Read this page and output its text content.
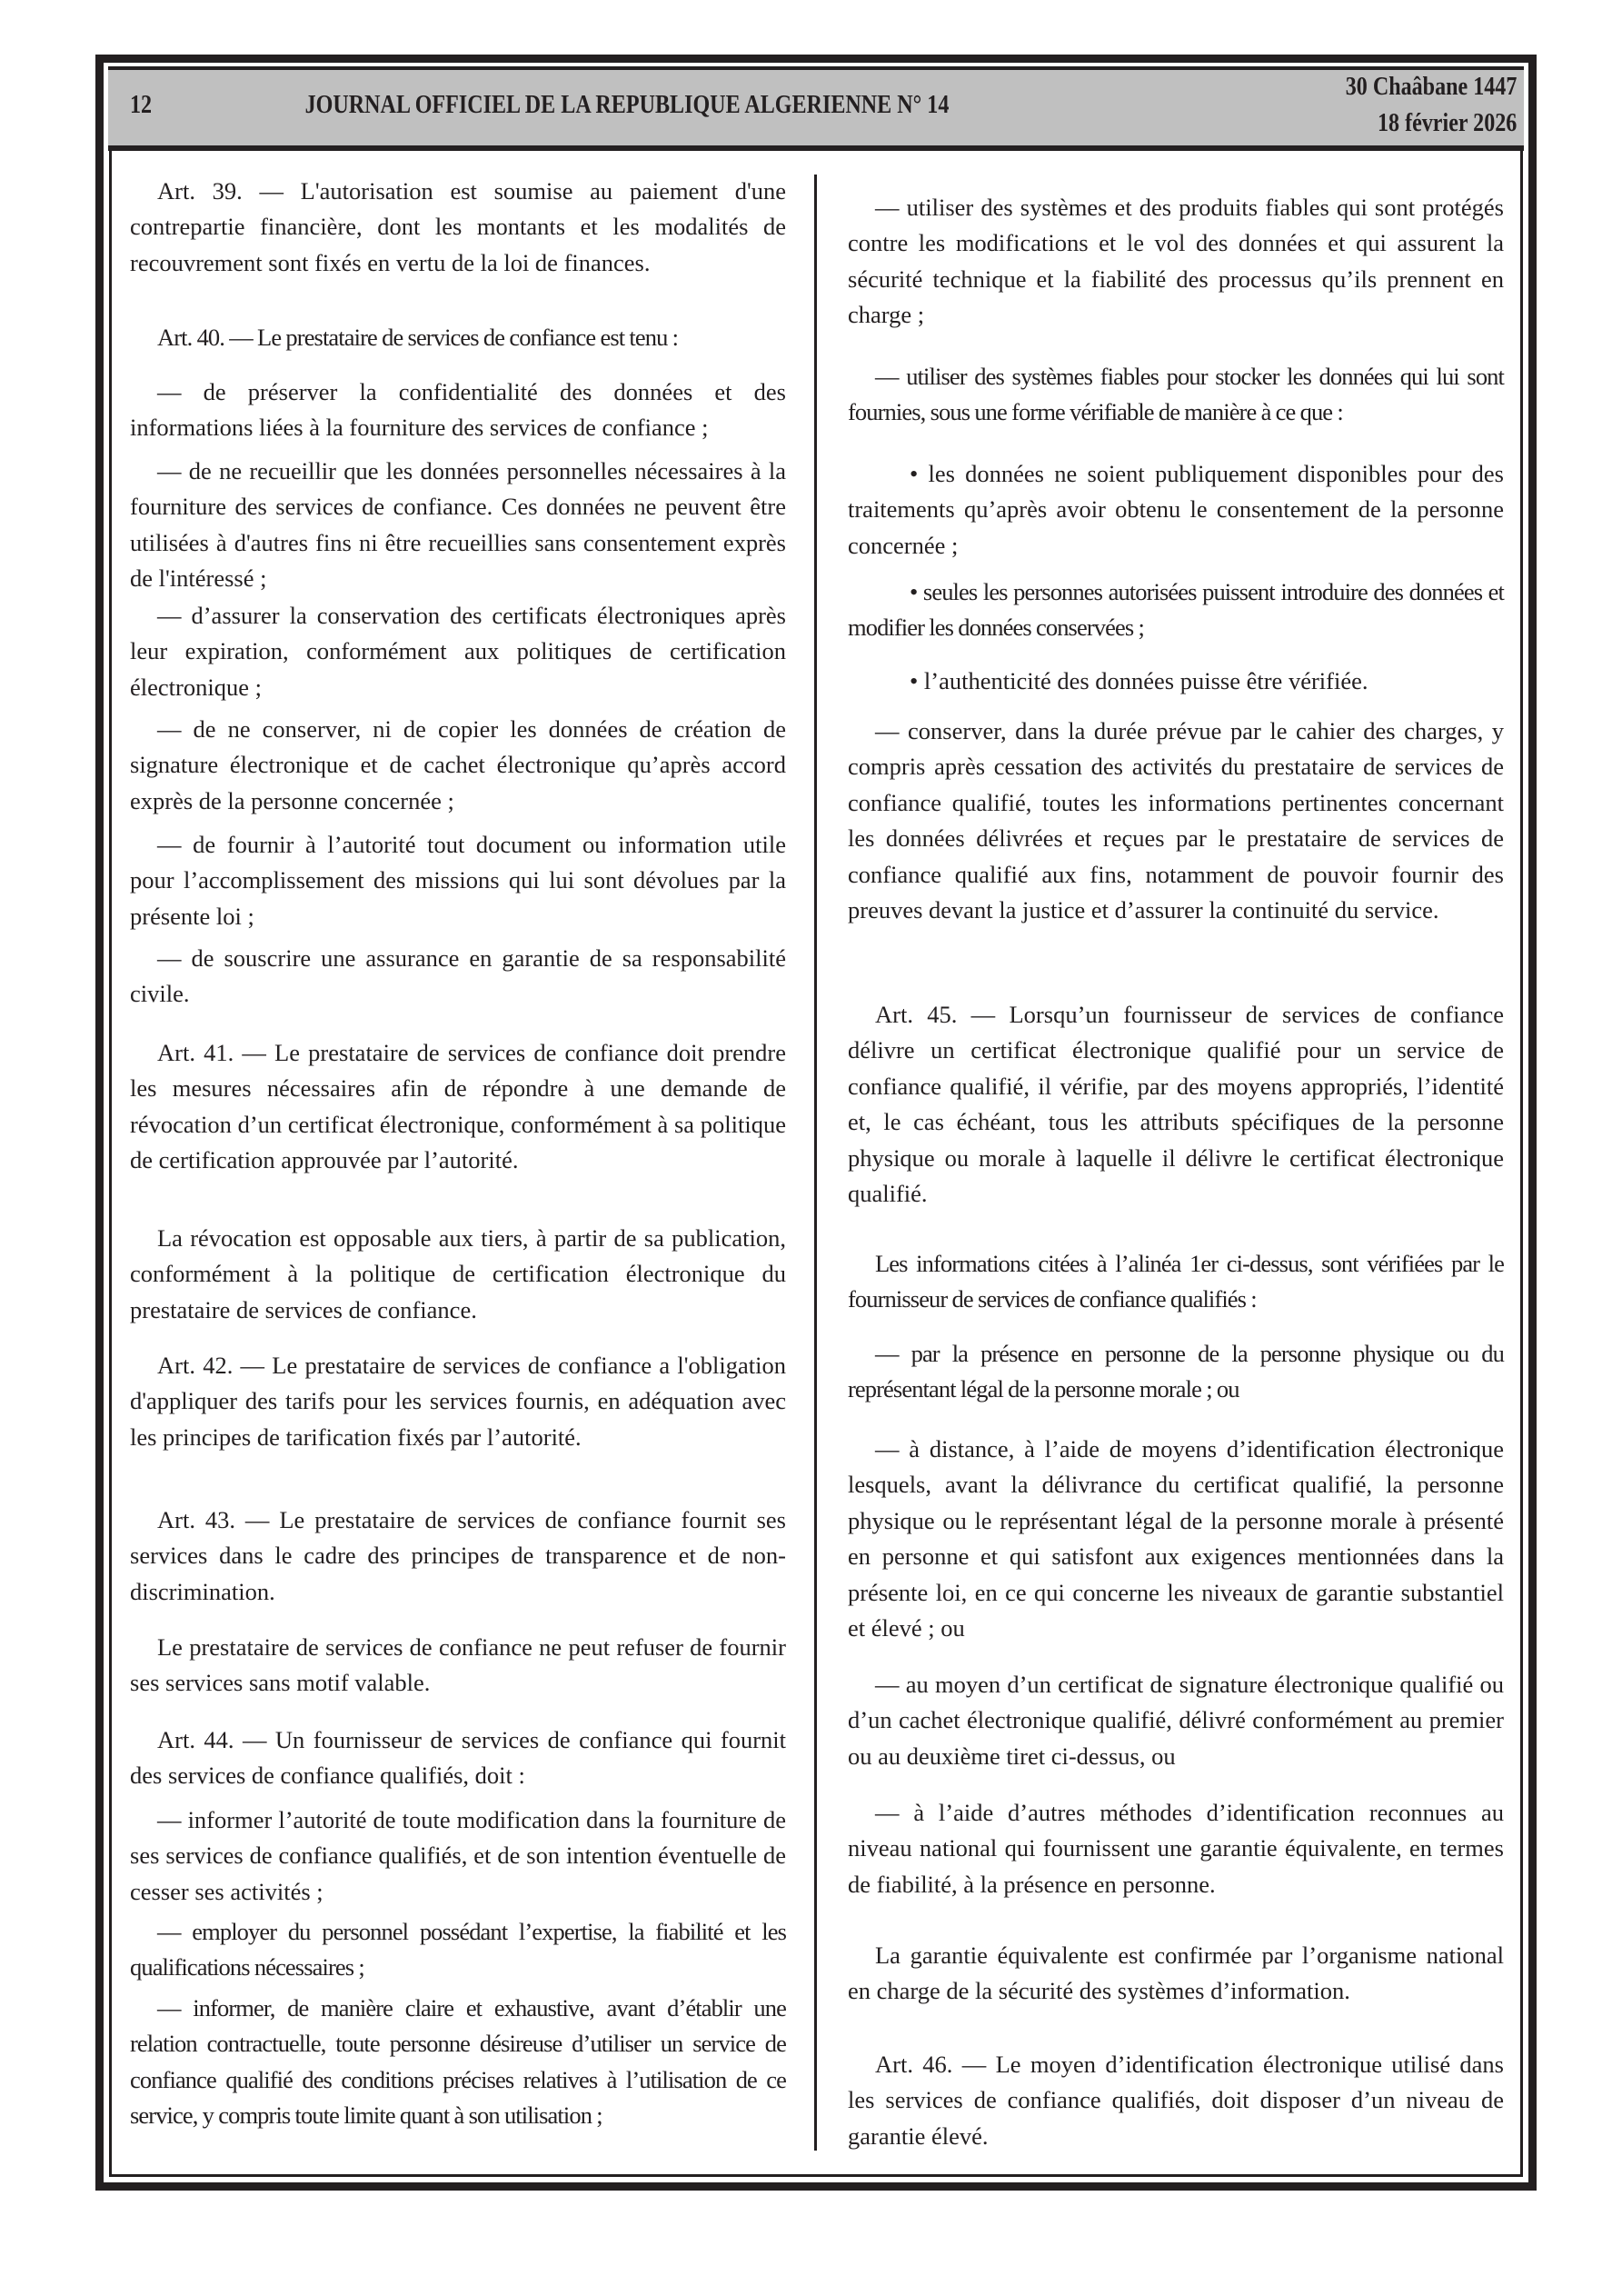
12	JOURNAL OFFICIEL DE LA REPUBLIQUE ALGERIENNE N° 14
30 Chaâbane 1447
18 février 2026

Art. 39. — L'autorisation est soumise au paiement d'une contrepartie financière, dont les montants et les modalités de recouvrement sont fixés en vertu de la loi de finances.

Art. 40. — Le prestataire de services de confiance est tenu :

— de préserver la confidentialité des données et des informations liées à la fourniture des services de confiance ;

— de ne recueillir que les données personnelles nécessaires à la fourniture des services de confiance. Ces données ne peuvent être utilisées à d'autres fins ni être recueillies sans consentement exprès de l'intéressé ;

— d’assurer la conservation des certificats électroniques après leur expiration, conformément aux politiques de certification électronique ;

— de ne conserver, ni de copier les données de création de signature électronique et de cachet électronique qu’après accord exprès de la personne concernée ;

— de fournir à l’autorité tout document ou information utile pour l’accomplissement des missions qui lui sont dévolues par la présente loi ;

— de souscrire une assurance en garantie de sa responsabilité civile.

Art. 41. — Le prestataire de services de confiance doit prendre les mesures nécessaires afin de répondre à une demande de révocation d’un certificat électronique, conformément à sa politique de certification approuvée par l’autorité.

La révocation est opposable aux tiers, à partir de sa publication, conformément à la politique de certification électronique du prestataire de services de confiance.

Art. 42. — Le prestataire de services de confiance a l'obligation d'appliquer des tarifs pour les services fournis, en adéquation avec les principes de tarification fixés par l’autorité.

Art. 43. — Le prestataire de services de confiance fournit ses services dans le cadre des principes de transparence et de non-discrimination.

Le prestataire de services de confiance ne peut refuser de fournir ses services sans motif valable.

Art. 44. — Un fournisseur de services de confiance qui fournit des services de confiance qualifiés, doit :

— informer l’autorité de toute modification dans la fourniture de ses services de confiance qualifiés, et de son intention éventuelle de cesser ses activités ;

— employer du personnel possédant l’expertise, la fiabilité et les qualifications nécessaires ;

— informer, de manière claire et exhaustive, avant d’établir une relation contractuelle, toute personne désireuse d’utiliser un service de confiance qualifié des conditions précises relatives à l’utilisation de ce service, y compris toute limite quant à son utilisation ;

— utiliser des systèmes et des produits fiables qui sont protégés contre les modifications et le vol des données et qui assurent la sécurité technique et la fiabilité des processus qu’ils prennent en charge ;

— utiliser des systèmes fiables pour stocker les données qui lui sont fournies, sous une forme vérifiable de manière à ce que :

• les données ne soient publiquement disponibles pour des traitements qu’après avoir obtenu le consentement de la personne concernée ;

• seules les personnes autorisées puissent introduire des données et modifier les données conservées ;

• l’authenticité des données puisse être vérifiée.

— conserver, dans la durée prévue par le cahier des charges, y compris après cessation des activités du prestataire de services de confiance qualifié, toutes les informations pertinentes concernant les données délivrées et reçues par le prestataire de services de confiance qualifié aux fins, notamment de pouvoir fournir des preuves devant la justice et d’assurer la continuité du service.

Art. 45. — Lorsqu’un fournisseur de services de confiance délivre un certificat électronique qualifié pour un service de confiance qualifié, il vérifie, par des moyens appropriés, l’identité et, le cas échéant, tous les attributs spécifiques de la personne physique ou morale à laquelle il délivre le certificat électronique qualifié.

Les informations citées à l’alinéa 1er ci-dessus, sont vérifiées par le fournisseur de services de confiance qualifiés :

— par la présence en personne de la personne physique ou du représentant légal de la personne morale ; ou

— à distance, à l’aide de moyens d’identification électronique lesquels, avant la délivrance du certificat qualifié, la personne physique ou le représentant légal de la personne morale à présenté en personne et qui satisfont aux exigences mentionnées dans la présente loi, en ce qui concerne les niveaux de garantie substantiel et élevé ; ou

— au moyen d’un certificat de signature électronique qualifié ou d’un cachet électronique qualifié, délivré conformément au premier ou au deuxième tiret ci-dessus, ou

— à l’aide d’autres méthodes d’identification reconnues au niveau national qui fournissent une garantie équivalente, en termes de fiabilité, à la présence en personne.

La garantie équivalente est confirmée par l’organisme national en charge de la sécurité des systèmes d’information.

Art. 46. — Le moyen d’identification électronique utilisé dans les services de confiance qualifiés, doit disposer d’un niveau de garantie élevé.
